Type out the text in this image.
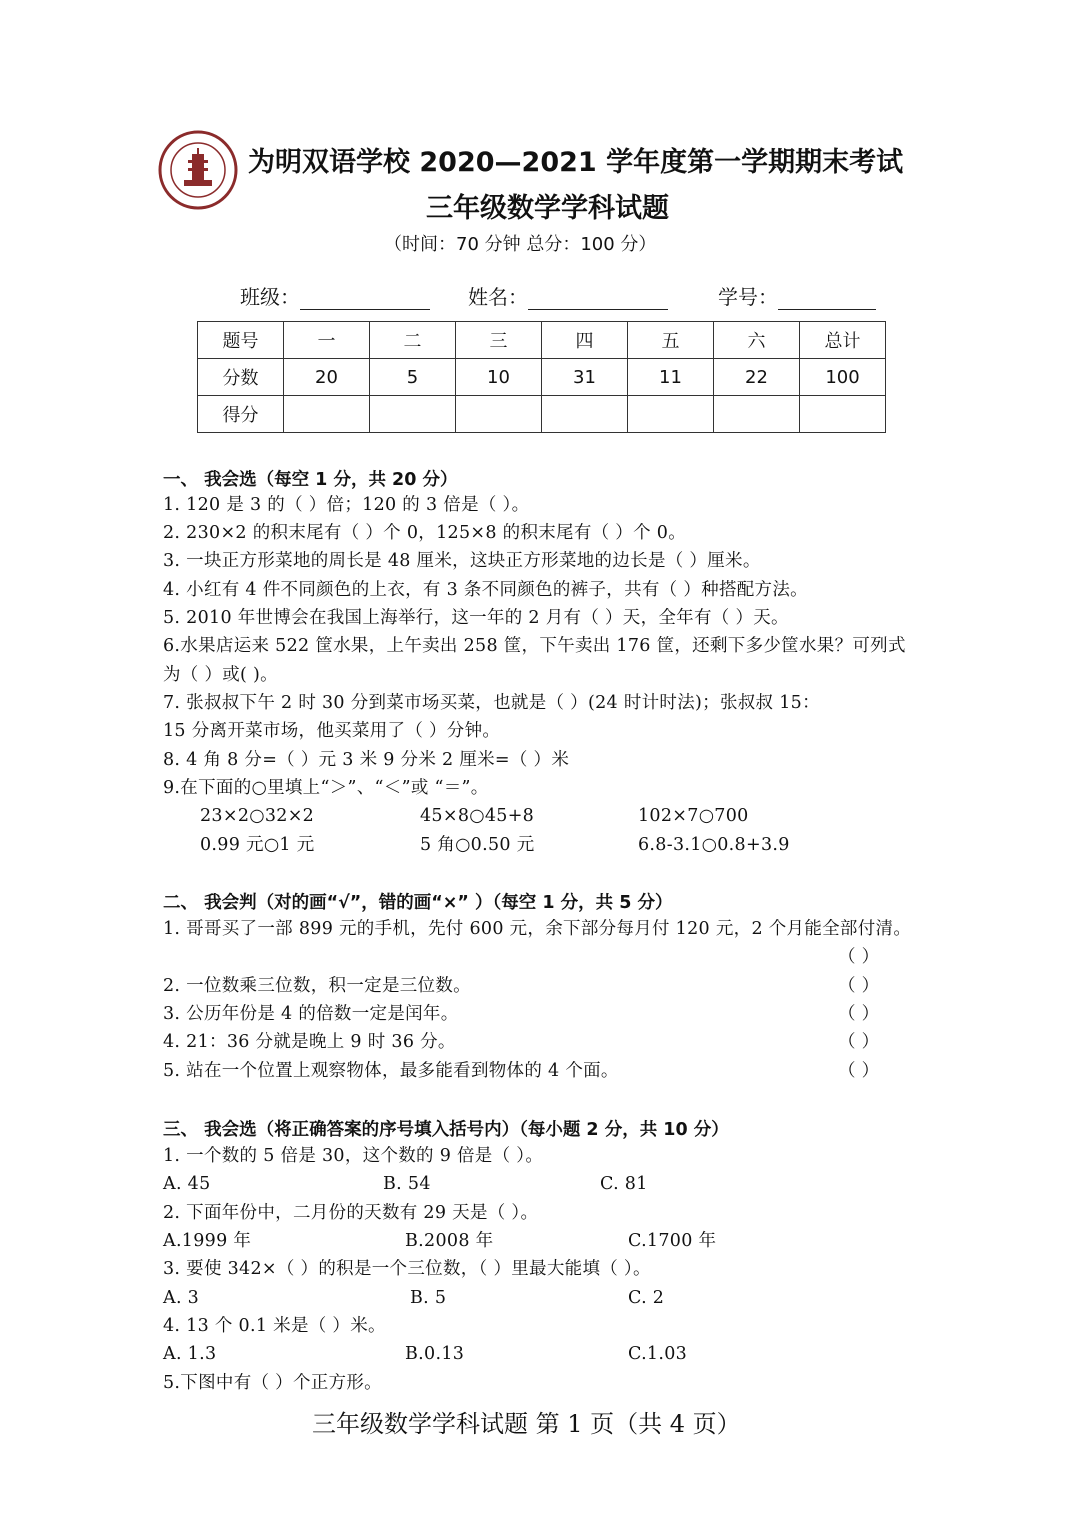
为明双语学校 2020—2021 学年度第一学期期末考试
三年级数学学科试题
（时间：70 分钟 总分：100 分）
班级：	姓名：	学号：
题号	一	二	三	四	五	六	总计
分数	20	5	10	31	11	22	100
得分							
一、 我会选（每空 1 分，共 20 分）
1. 120 是 3 的（ ）倍；120 的 3 倍是（ ）。
2. 230×2 的积末尾有（ ）个 0，125×8 的积末尾有（ ）个 0。
3. 一块正方形菜地的周长是 48 厘米，这块正方形菜地的边长是（ ）厘米。
4. 小红有 4 件不同颜色的上衣，有 3 条不同颜色的裤子，共有（ ）种搭配方法。
5. 2010 年世博会在我国上海举行，这一年的 2 月有（ ）天，全年有（ ）天。
6.水果店运来 522 筐水果，上午卖出 258 筐，下午卖出 176 筐，还剩下多少筐水果？可列式
为（ ）或( )。
7. 张叔叔下午 2 时 30 分到菜市场买菜，也就是（ ）(24 时计时法)；张叔叔 15：
15 分离开菜市场，他买菜用了（ ）分钟。
8. 4 角 8 分=（ ）元 3 米 9 分米 2 厘米=（ ）米
9.在下面的○里填上“＞”、“＜”或 “＝”。
23×2○32×2	45×8○45+8	102×7○700
0.99 元○1 元	5 角○0.50 元	6.8-3.1○0.8+3.9
二、 我会判（对的画“√”，错的画“×” ）（每空 1 分，共 5 分）
1. 哥哥买了一部 899 元的手机，先付 600 元，余下部分每月付 120 元，2 个月能全部付清。
（ ）
2. 一位数乘三位数，积一定是三位数。	（ ）
3. 公历年份是 4 的倍数一定是闰年。	（ ）
4. 21：36 分就是晚上 9 时 36 分。	（ ）
5. 站在一个位置上观察物体，最多能看到物体的 4 个面。	（ ）
三、 我会选（将正确答案的序号填入括号内）（每小题 2 分，共 10 分）
1. 一个数的 5 倍是 30，这个数的 9 倍是（ ）。
A. 45	B. 54	C. 81
2. 下面年份中，二月份的天数有 29 天是（ ）。
A.1999 年	B.2008 年	C.1700 年
3. 要使 342×（ ）的积是一个三位数，（ ）里最大能填（ ）。
A. 3	B. 5	C. 2
4. 13 个 0.1 米是（ ）米。
A. 1.3	B.0.13	C.1.03
5.下图中有（ ）个正方形。
三年级数学学科试题 第 1 页（共 4 页）
